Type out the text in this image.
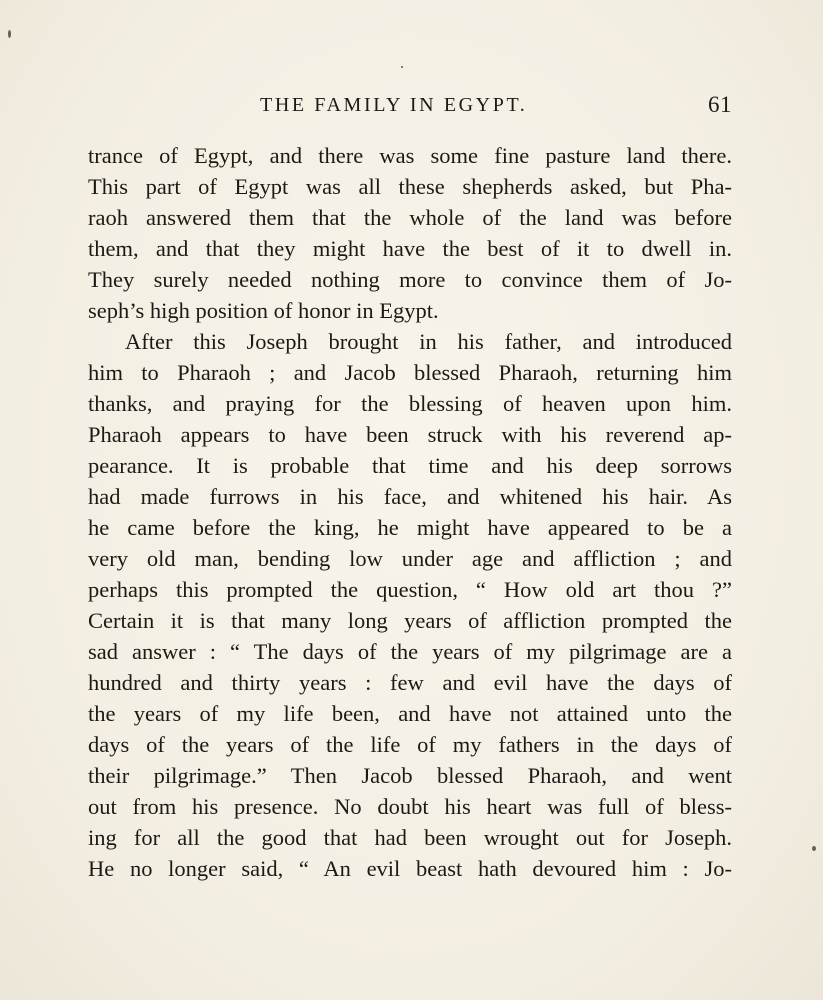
THE FAMILY IN EGYPT.	61
trance of Egypt, and there was some fine pasture land there.
This part of Egypt was all these shepherds asked, but Pha-
raoh answered them that the whole of the land was before
them, and that they might have the best of it to dwell in.
They surely needed nothing more to convince them of Jo-
seph’s high position of honor in Egypt.
After this Joseph brought in his father, and introduced
him to Pharaoh ; and Jacob blessed Pharaoh, returning him
thanks, and praying for the blessing of heaven upon him.
Pharaoh appears to have been struck with his reverend ap-
pearance. It is probable that time and his deep sorrows
had made furrows in his face, and whitened his hair. As
he came before the king, he might have appeared to be a
very old man, bending low under age and affliction ; and
perhaps this prompted the question, “ How old art thou ?”
Certain it is that many long years of affliction prompted the
sad answer : “ The days of the years of my pilgrimage are a
hundred and thirty years : few and evil have the days of
the years of my life been, and have not attained unto the
days of the years of the life of my fathers in the days of
their pilgrimage.” Then Jacob blessed Pharaoh, and went
out from his presence. No doubt his heart was full of bless-
ing for all the good that had been wrought out for Joseph.
He no longer said, “ An evil beast hath devoured him : Jo-
